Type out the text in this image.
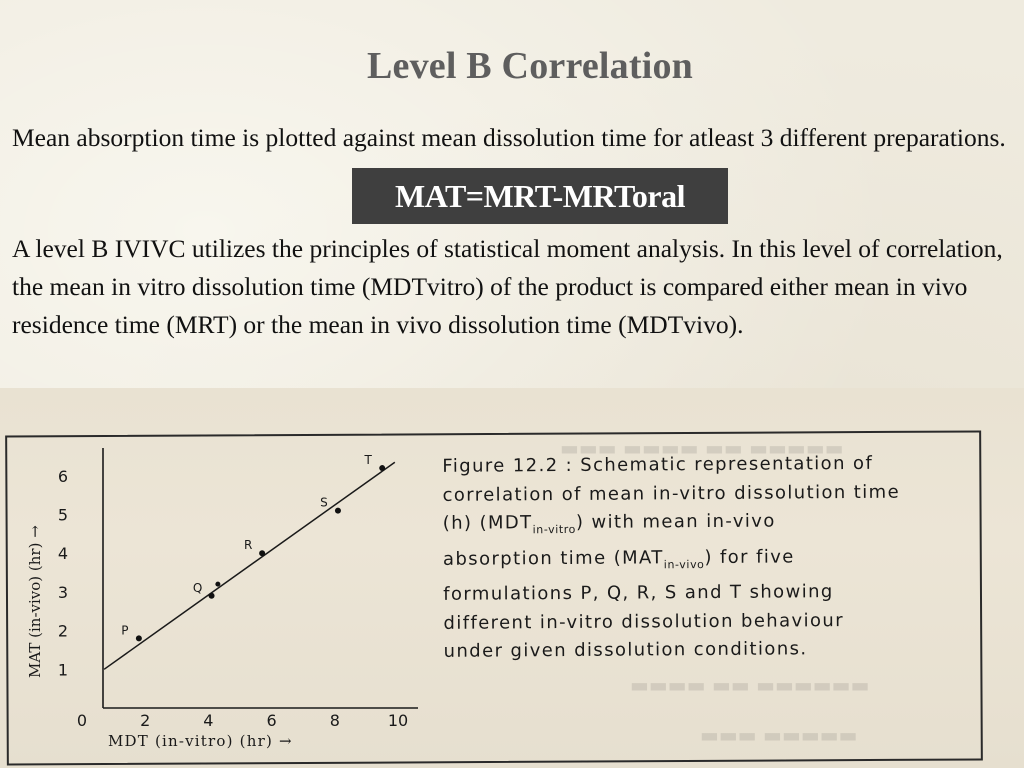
Level B Correlation
Mean absorption time is plotted against mean dissolution time for atleast 3 different preparations.
MAT=MRT-MRToral
A level B IVIVC utilizes the principles of statistical moment analysis. In this level of correlation, the mean in vitro dissolution time (MDTvitro) of the product is compared either mean in vivo residence time (MRT) or the mean in vivo dissolution time (MDTvivo).
▬▬▬ ▬▬▬▬ ▬▬ ▬▬▬▬▬
▬▬▬▬ ▬▬ ▬▬▬▬▬▬
▬▬▬ ▬▬▬▬▬
1
2
3
4
5
6
0	2	4	6	8	10
P
Q
R
S
T
MAT (in-vivo) (hr) →
MDT (in-vitro) (hr) →
Figure 12.2 : Schematic representation of
correlation of mean in-vitro dissolution time
(h) $(MDT_{in-vitro})$ with mean in-vivo
absorption time $(MAT_{in-vivo})$ for five
formulations P, Q, R, S and T showing
different in-vitro dissolution behaviour
under given dissolution conditions.
